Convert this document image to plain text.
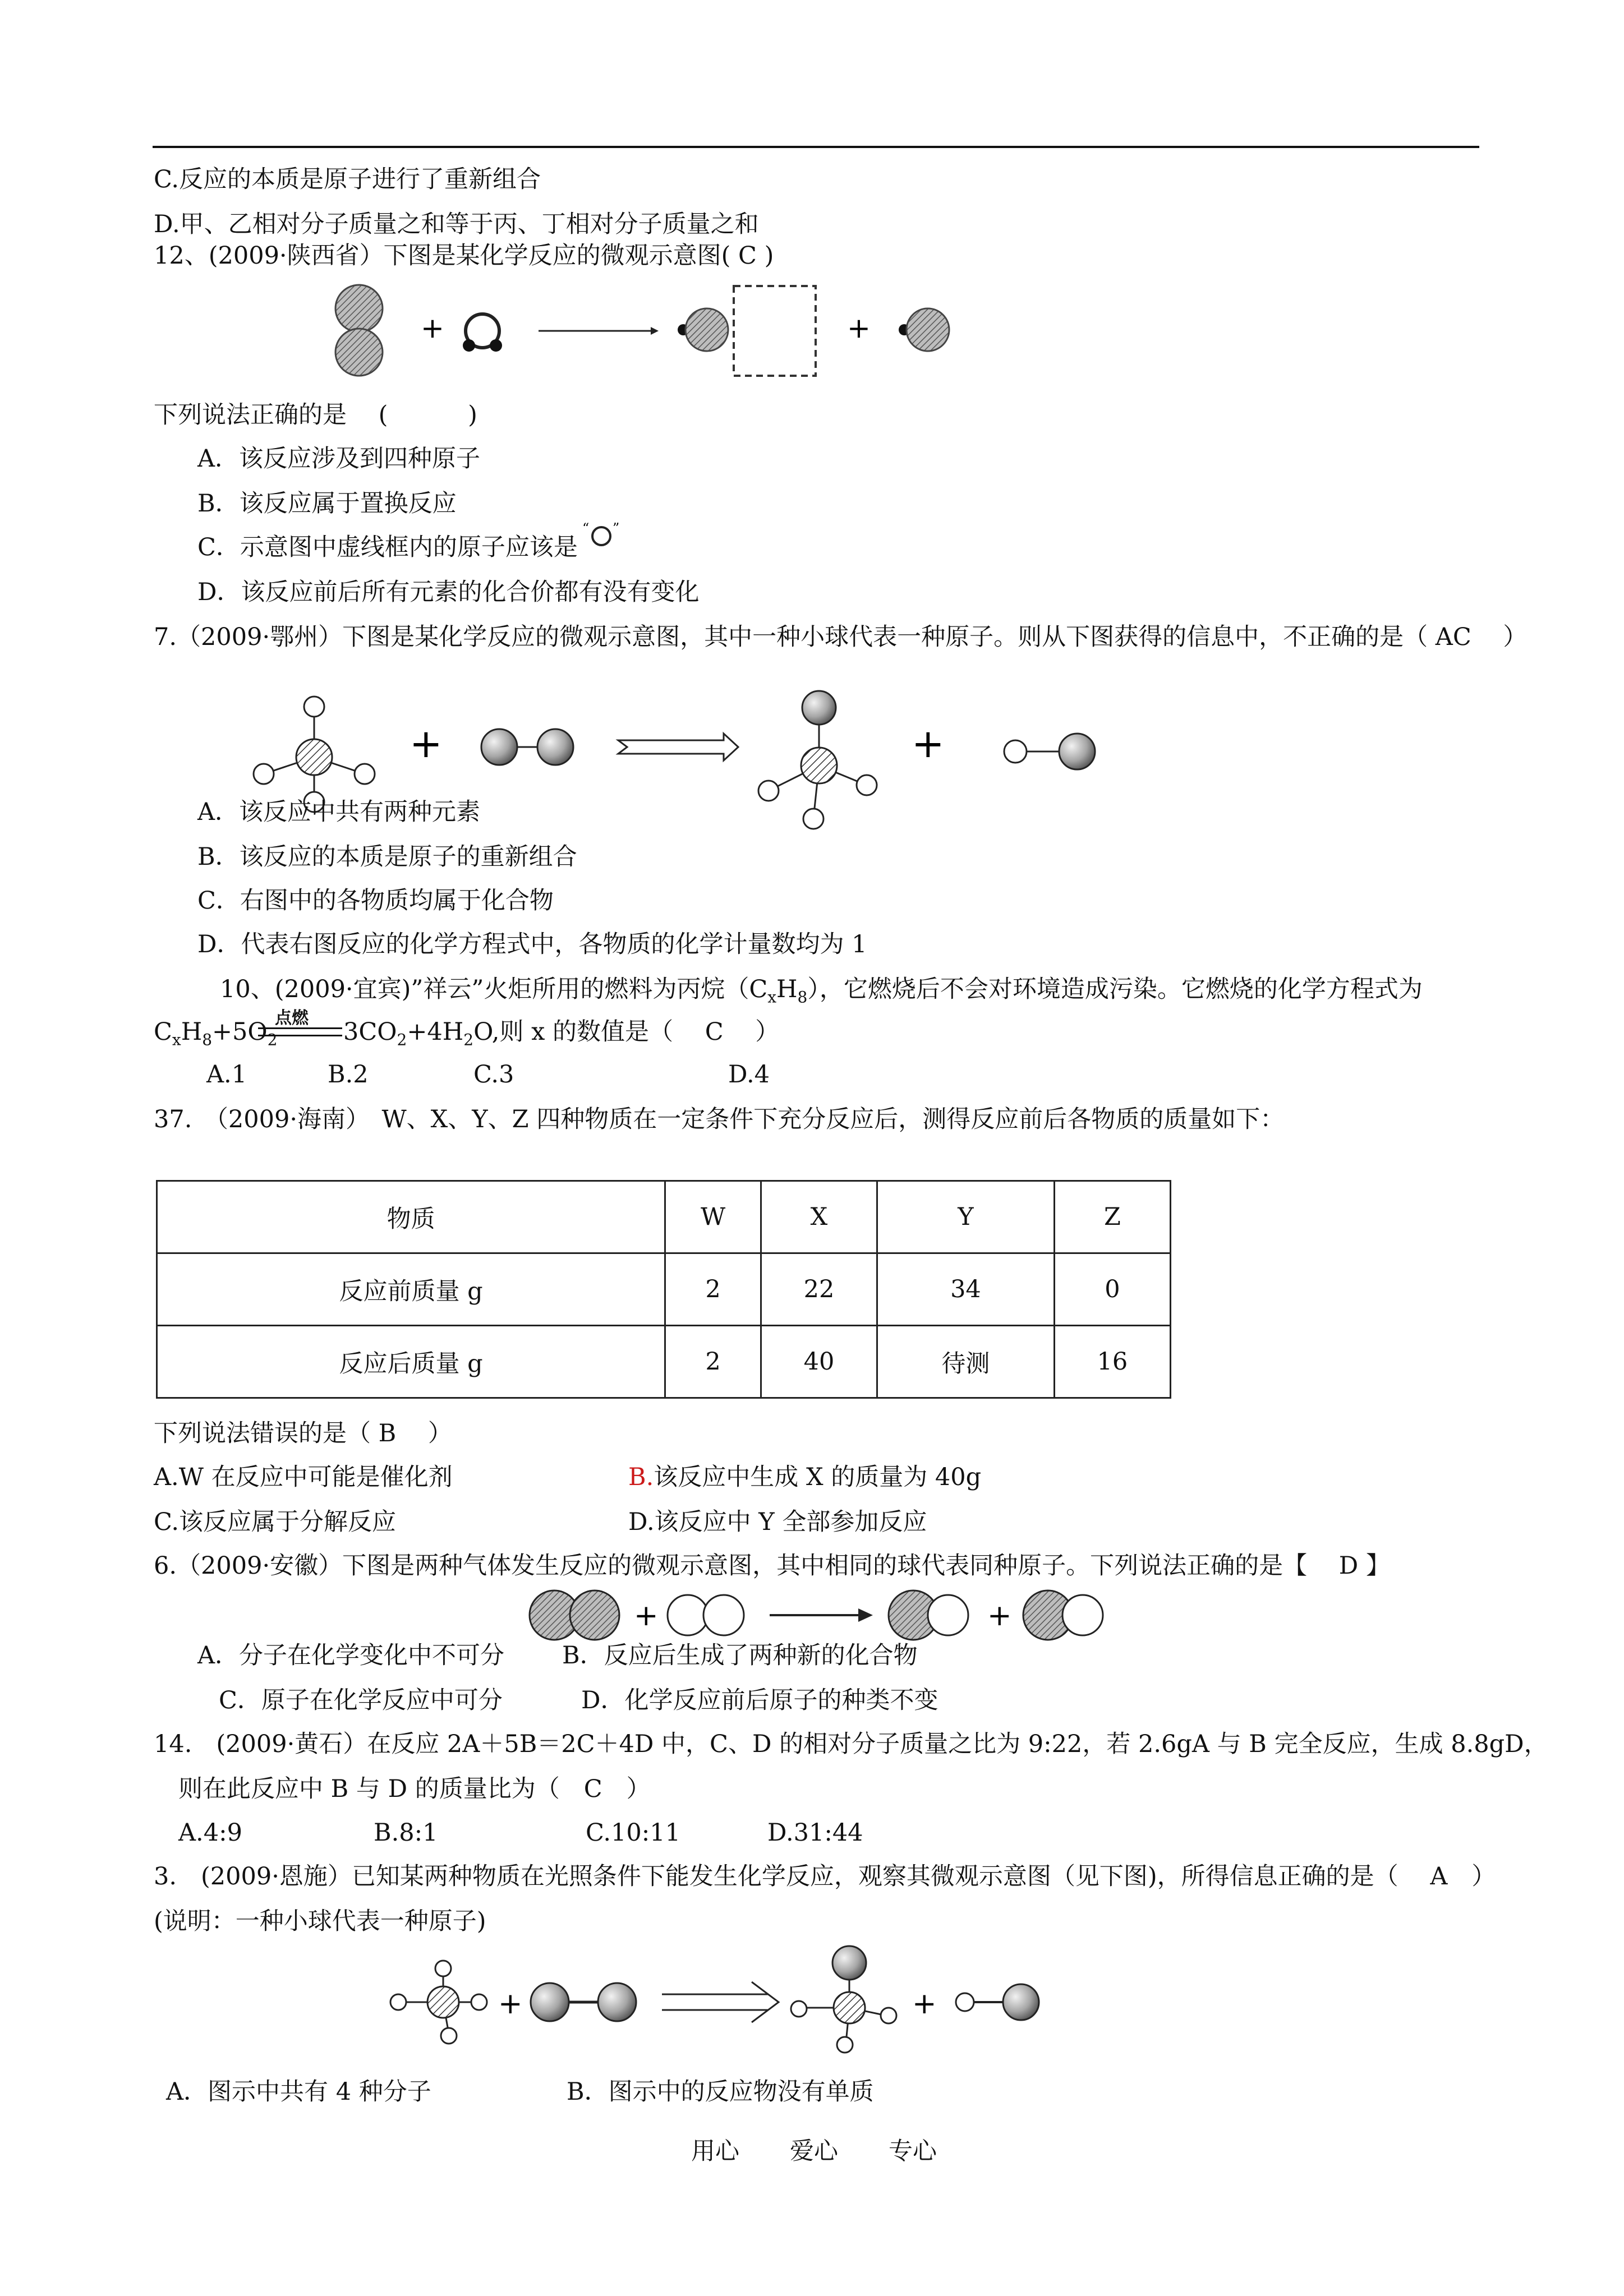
C.反应的本质是原子进行了重新组合
D.甲、乙相对分子质量之和等于丙、丁相对分子质量之和
12、(2009·陕西省）下图是某化学反应的微观示意图( C )
+	+
下列说法正确的是　 (　　　 )
A．该反应涉及到四种原子
B．该反应属于置换反应
C．示意图中虚线框内的原子应该是
“ ”
D．该反应前后所有元素的化合价都有没有变化
7.（2009·鄂州）下图是某化学反应的微观示意图，其中一种小球代表一种原子。则从下图获得的信息中，不正确的是（ AC　 ）
+	+
A．该反应中共有两种元素
B．该反应的本质是原子的重新组合
C．右图中的各物质均属于化合物
D．代表右图反应的化学方程式中，各物质的化学计量数均为 1
10、(2009·宜宾)”祥云”火炬所用的燃料为丙烷$(C_xH_8)$，它燃烧后不会对环境造成污染。它燃烧的化学方程式为
$C_xH_8+5O_2$
点燃 $3CO_2+4H_2O$,则 x 的数值是（　 C　 ）
A.1	B.2	C.3	D.4
37.　（2009·海南）　W、X、Y、Z 四种物质在一定条件下充分反应后，测得反应前后各物质的质量如下：
物质	W	X	Y	Z
反应前质量 g	2	22	34	0
反应后质量 g	2	40	待测	16
下列说法错误的是（ B　 ）
A.W 在反应中可能是催化剂	B.该反应中生成 X 的质量为 40g
C.该反应属于分解反应	D.该反应中 Y 全部参加反应
6.（2009·安徽）下图是两种气体发生反应的微观示意图，其中相同的球代表同种原子。下列说法正确的是【　 D 】
+	+
A．分子在化学变化中不可分 B．反应后生成了两种新的化合物
C．原子在化学反应中可分	D．化学反应前后原子的种类不变
14.　(2009·黄石）在反应 2A＋5B＝2C＋4D 中，C、D 的相对分子质量之比为 9:22，若 2.6gA 与 B 完全反应，生成 8.8gD，
则在此反应中 B 与 D 的质量比为（　C　）
A.4:9	B.8:1	C.10:11	D.31:44
3.　(2009·恩施）已知某两种物质在光照条件下能发生化学反应，观察其微观示意图（见下图)，所得信息正确的是（　 A　）
(说明：一种小球代表一种原子)
+	+
A．图示中共有 4 种分子	B．图示中的反应物没有单质
用心 爱心 专心
